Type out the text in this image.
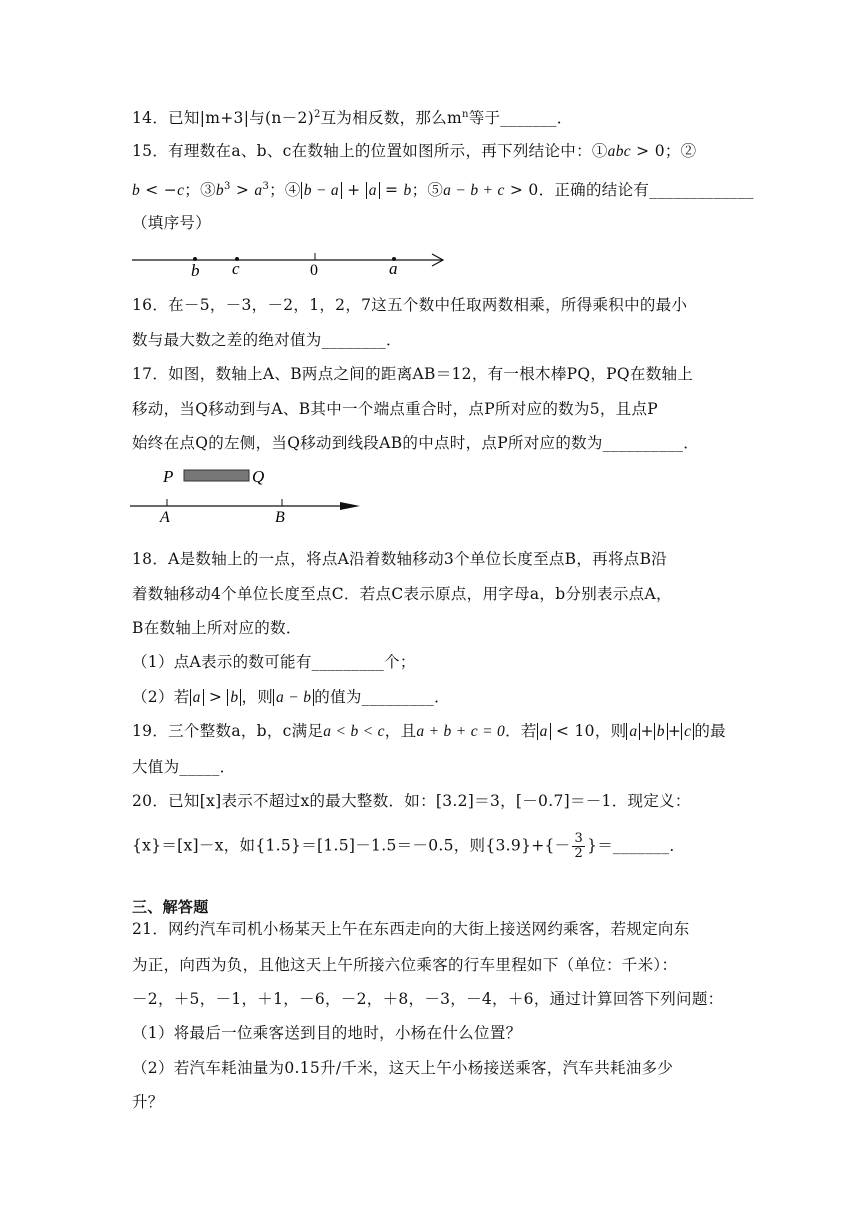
14．已知|m+3|与$(n-2)^2$互为相反数，那么$m^n$等于_______．
15．有理数在a、b、c在数轴上的位置如图所示，再下列结论中：①abc > 0；②
b < −c；$③b^3 > a^3$；④ b − a + a = b；⑤a − b + c > 0．正确的结论有_____________
（填序号）
b c	0	a
16．在－5，－3，－2，1，2，7这五个数中任取两数相乘，所得乘积中的最小
数与最大数之差的绝对值为________．
17．如图，数轴上A、B两点之间的距离AB＝12，有一根木棒PQ，PQ在数轴上
移动，当Q移动到与A、B其中一个端点重合时，点P所对应的数为5，且点P
始终在点Q的左侧，当Q移动到线段AB的中点时，点P所对应的数为__________．
P	Q
A	B
18．A是数轴上的一点，将点A沿着数轴移动3个单位长度至点B，再将点B沿
着数轴移动4个单位长度至点C．若点C表示原点，用字母a，b分别表示点A，
B在数轴上所对应的数．
（1）点A表示的数可能有_________个；
（2）若 a > b ，则 a − b 的值为_________．
19．三个整数a，b，c满足a < b < c，且a + b + c = 0．若 a < 10，则 a + b + c 的最
大值为_____．
20．已知[x]表示不超过x的最大整数．如：[3.2]＝3，[－0.7]＝－1．现定义：
{x}＝[x]－x，如{1.5}＝[1.5]－1.5＝－0.5，则$\{3.9\}+\{- \frac{3}{2}$ }＝_______．
三、解答题
21．网约汽车司机小杨某天上午在东西走向的大街上接送网约乘客，若规定向东
为正，向西为负，且他这天上午所接六位乘客的行车里程如下（单位：千米）：
－2，＋5，－1，＋1，－6，－2，＋8，－3，－4，＋6，通过计算回答下列问题：
（1）将最后一位乘客送到目的地时，小杨在什么位置？
（2）若汽车耗油量为0.15升/千米，这天上午小杨接送乘客，汽车共耗油多少
升？
